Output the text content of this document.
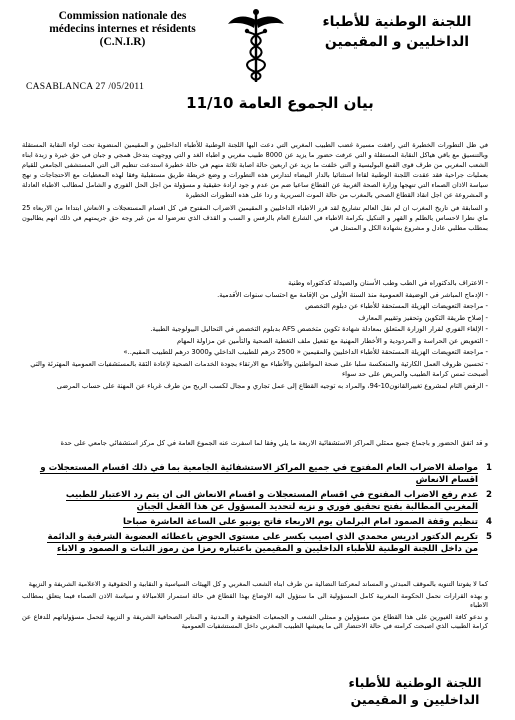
Commission nationale des
médecins internes et résidents
(C.N.I.R)
اللجنة الوطنية للأطباء
الداخليين و المقيمين
CASABLANCA 27 /05/2011
بيان الجموع العامة 11/10

في ظل التطورات الخطيرة التي رافقت مسيرة غضب الطبيب المغربي التي دعت اليها اللجنة الوطنية للأطباء الداخليين و المقيمين المنضوية تحت لواء النقابة المستقلة وبالتنسيق مع باقي هياكل النقابة المستقلة و التي عرفت حضور ما يزيد عن 8000 طبيب مغربي و اطباء الغد و التي ووجهت بتدخل همجي و جبان في حق خيرة و زبدة ابناء الشعب المغربي من طرف قوى القمع البوليسية و التي خلفت ما يزيد عن اربعين حالة اصابة ثلاثة منهم في حالة خطيرة استدعت تنظيم الى التي المستشفى الجامعي للقيام بعمليات جراحية فقد عقدت اللجنة الوطنية لقاءا استثنائيا بالدار البيضاء لتدارس هذه التطورات و وضع خريطة طريق مستقبلية وفقا لهذه المعطيات مع الاحتجاجات و نهج سياسة الاذان الصماء التي تنهجها وزارة الصحة الغربية عن القطاع ساعيا ضم من عدم و جود ارادة حقيقية و مسؤولة من اجل الحل الفوري و الشامل لمطالب الاطباء العادلة و المشروعة عن اجل انقاذ القطاع الصحي بالمغرب من حالة الموت السريرية و ردا على هذه التطورات الخطيرة

و السابقة في تاريخ المغرب ان لم نقل العالم تشاريخ لقد قرر الاطباء الداخليين و المقيمين الاضراب المفتوح في كل اقسام المستعجلات و الانعاش ابتداءا من الاربعاء 25 ماي نظرا لاحساس بالظلم و القهر و التنكيل بكرامة الاطباء في الشارع العام بالرفس و السب و القذف الذي تعرضوا له من غير وجه حق جريمتهم في ذلك انهم يطالبون بمطلب مطلبي عادل و مشروع بشهادة الكل و المتمثل في

- الاعتراف بالدكتوراه في الطب وطب الأسنان والصيدلة كدكتوراه وطنية
- الإدماج المباشر في الوضيفة العمومية منذ السنة الأولى من الإقامة مع احتساب سنوات الأقدمية.
- مراجعة التعويضات الهزيلة المستحقة للأطباء عن دبلوم التخصص
- إصلاح طريقة التكوين وتحفيز وتقييم المعارف
- الإلغاء الفوري لقرار الوزارة المتعلق بمعادلة شهادة تكوين متخصص AFS بدبلوم التخصص في التحاليل البيولوجية الطبية.
- التعويض عن الحراسة و المردودية و الأخطار المهنية مع تفعيل ملف التغطية الصحية والتأمين عن مزاولة المهام
- مراجعة التعويضات الهزيلة المستحقة للأطباء الداخليين والمقيمين « 2500 درهم للطبيب الداخلي و3000 درهم للطبيب المقيم..»
- تحسين ظروف العمل الكارثية والمنعكسة سلبا على صحة المواطنين والأطباء مع الارتقاء بجودة الخدمات الصحية لإعادة الثقة بالمستشفيات العمومية المهترئة والتي أصبحت تمس كرامة الطبيب والمريض على حد سواء
- الرفض التام لمشروع تغييرالقانون10-94، والمراد به توجيه القطاع إلى عمل تجاري و مجال لكسب الربح من طرف غرباء عن المهنة على حساب المرضى

و قد اتفق الحضور و باجماع جميع ممثلي المراكز الاستشفائية الاربعة ما يلي وفقا لما اسفرت عنه الجموع العامة في كل مركز استشفائي جامعي على حدة

1
مواصلة الاضراب العام المفتوح في جميع المراكز الاستشفائية الجامعية بما في ذلك اقسام المستعجلات و اقسام الانعاش
2
عدم رفع الاضراب المفتوح في اقسام المستعجلات و اقسام الانعاش الى ان يتم رد الاعتبار للطبيب المغربي المطالبة بفتح تحقيق فوري و نزيه لتحديد المسؤول عن هذا الفعل الجبان
4
تنظيم وقفة الصمود امام البرلمان يوم الاربعاء فاتح يونيو على الساعة العاشرة صباحا
5
تكريم الدكتور ادريس محمدي الذي اصيب بكسر على مستوى الحوض باعطائه العضوية الشرفية و الدائمة من داخل اللجنة الوطنية للأطباء الداخليين و المقيمين باعتباره رمزا من رموز الثبات و الصمود و الاباء

كما لا يفوتنا التنويه بالموقف المبدئي و المساند لمعركتنا النضالية من طرف ابناء الشعب المغربي و كل الهيئات السياسية و النقابية و الحقوقية و الاعلامية الشريفة و النزيهة

و بهذه القرارات نحمل الحكومة المغربية كامل المسؤولية الى ما ستؤول اليه الاوضاع بهذا القطاع في حالة استمرار اللامبالاة و سياسة الاذن الصماء فيما يتعلق بمطالب الاطباء

و ندعو كافة الغيورين على هذا القطاع من مسؤولين و ممثلي الشعب و الجمعيات الحقوقية و المدنية و المنابر الصحافية الشريفة و النزيهة لتحمل مسؤولياتهم للدفاع عن كرامة الطبيب الذي اصبحت كرامته في حالة الاحتضار الى ما يعيشها الطبيب المغربي داخل المستشفيات العمومية

اللجنة الوطنية للأطباء
الداخليين و المقيمين
